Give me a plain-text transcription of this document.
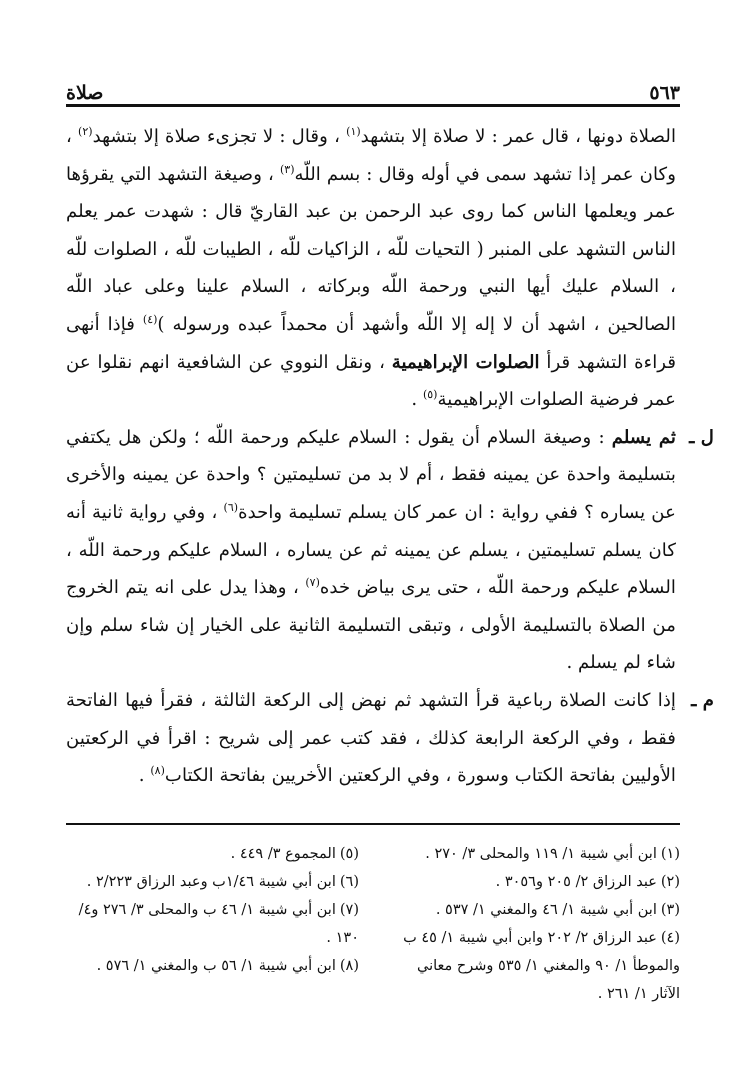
٥٦٣
صلاة

الصلاة دونها ، قال عمر : لا صلاة إلا بتشهد$^{(١)}$ ، وقال : لا تجزىء صلاة إلا بتشهد$^{(٢)}$ ، وكان عمر إذا تشهد سمى في أوله وقال : بسم اللّه$^{(٣)}$ ، وصيغة التشهد التي يقرؤها عمر ويعلمها الناس كما روى عبد الرحمن بن عبد القاريّ قال : شهدت عمر يعلم الناس التشهد على المنبر ( التحيات للّه ، الزاكيات للّه ، الطيبات للّه ، الصلوات للّه ، السلام عليك أيها النبي ورحمة اللّه وبركاته ، السلام علينا وعلى عباد اللّه الصالحين ، اشهد أن لا إله إلا اللّه وأشهد أن محمداً عبده ورسوله )$^{(٤)}$ فإذا أنهى قراءة التشهد قرأ الصلوات الإبراهيمية ، ونقل النووي عن الشافعية انهم نقلوا عن عمر فرضية الصلوات الإبراهيمية$^{(٥)}$ .

ل ـ
ثم يسلم : وصيغة السلام أن يقول : السلام عليكم ورحمة اللّه ؛ ولكن هل يكتفي بتسليمة واحدة عن يمينه فقط ، أم لا بد من تسليمتين ؟ واحدة عن يمينه والأخرى عن يساره ؟ ففي رواية : ان عمر كان يسلم تسليمة واحدة$^{(٦)}$ ، وفي رواية ثانية أنه كان يسلم تسليمتين ، يسلم عن يمينه ثم عن يساره ، السلام عليكم ورحمة اللّه ، السلام عليكم ورحمة اللّه ، حتى يرى بياض خده$^{(٧)}$ ، وهذا يدل على انه يتم الخروج من الصلاة بالتسليمة الأولى ، وتبقى التسليمة الثانية على الخيار إن شاء سلم وإن شاء لم يسلم .
م ـ
إذا كانت الصلاة رباعية قرأ التشهد ثم نهض إلى الركعة الثالثة ، فقرأ فيها الفاتحة فقط ، وفي الركعة الرابعة كذلك ، فقد كتب عمر إلى شريح : اقرأ في الركعتين الأوليين بفاتحة الكتاب وسورة ، وفي الركعتين الأخريين بفاتحة الكتاب$^{(٨)}$ .
(١)ابن أبي شيبة ١/ ١١٩ والمحلى ٣/ ٢٧٠ .
(٢)عبد الرزاق ٢/ ٢٠٥ و٣٠٥٦ .
(٣)ابن أبي شيبة ١/ ٤٦ والمغني ١/ ٥٣٧ .
(٤)عبد الرزاق ٢/ ٢٠٢ وابن أبي شيبة ١/ ٤٥ ب والموطأ ١/ ٩٠ والمغني ١/ ٥٣٥ وشرح معاني الآثار ١/ ٢٦١ .
(٥)المجموع ٣/ ٤٤٩ .
(٦)ابن أبي شيبة ١/٤٦ب وعبد الرزاق ٢/٢٢٣ .
(٧)ابن أبي شيبة ١/ ٤٦ ب والمحلى ٣/ ٢٧٦ و٤/ ١٣٠ .
(٨)ابن أبي شيبة ١/ ٥٦ ب والمغني ١/ ٥٧٦ .
